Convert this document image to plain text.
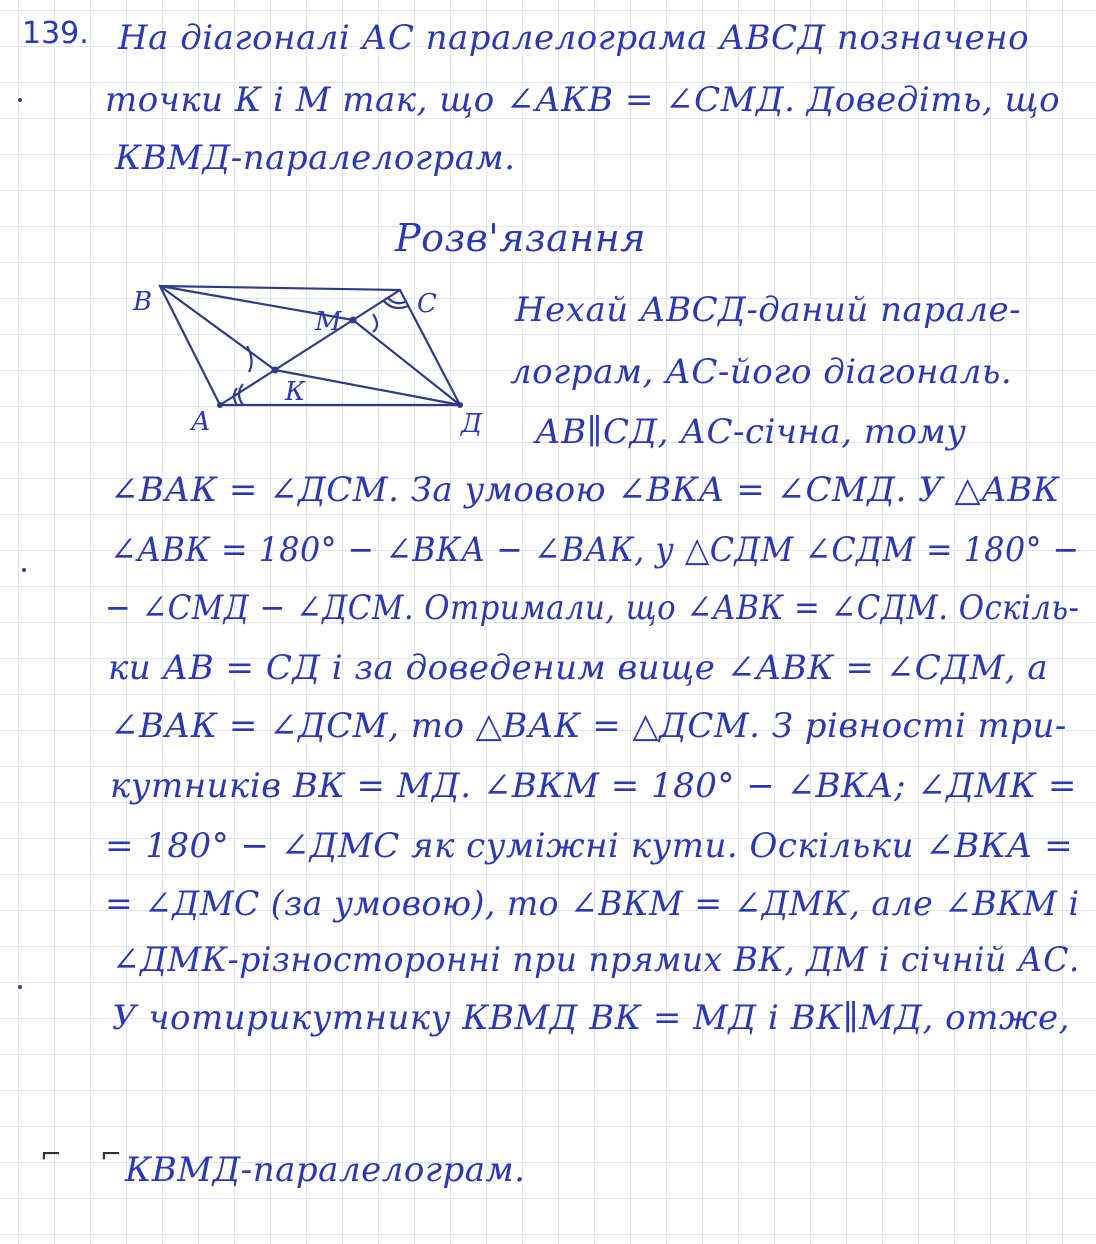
139. На діагоналі АС паралелограма АВСД позначено

точки К і М так, що ∠АКВ = ∠СМД. Доведіть, що

КВМД-паралелограм.

Розв'язання

В	С
А	Д
К
М	Нехай АВСД-даний парале-

лограм, АС-його діагональ.

АВ∥СД, АС-січна, тому

∠ВАК = ∠ДСМ. За умовою ∠ВКА = ∠СМД. У △АВК

∠АВК = 180° − ∠ВКА − ∠ВАК, у △СДМ ∠СДМ = 180° −

− ∠СМД − ∠ДСМ. Отримали, що ∠АВК = ∠СДМ. Оскіль-

ки АВ = СД і за доведеним вище ∠АВК = ∠СДМ, а

∠ВАК = ∠ДСМ, то △ВАК = △ДСМ. З рівності три-

кутників ВК = МД. ∠ВКМ = 180° − ∠ВКА; ∠ДМК =

= 180° − ∠ДМС як суміжні кути. Оскільки ∠ВКА =

= ∠ДМС (за умовою), то ∠ВКМ = ∠ДМК, але ∠ВКМ і

∠ДМК-різносторонні при прямих ВК, ДМ і січній АС.

У чотирикутнику КВМД ВК = МД і ВК∥МД, отже,

⌐ ⌐ КВМД-паралелограм.
